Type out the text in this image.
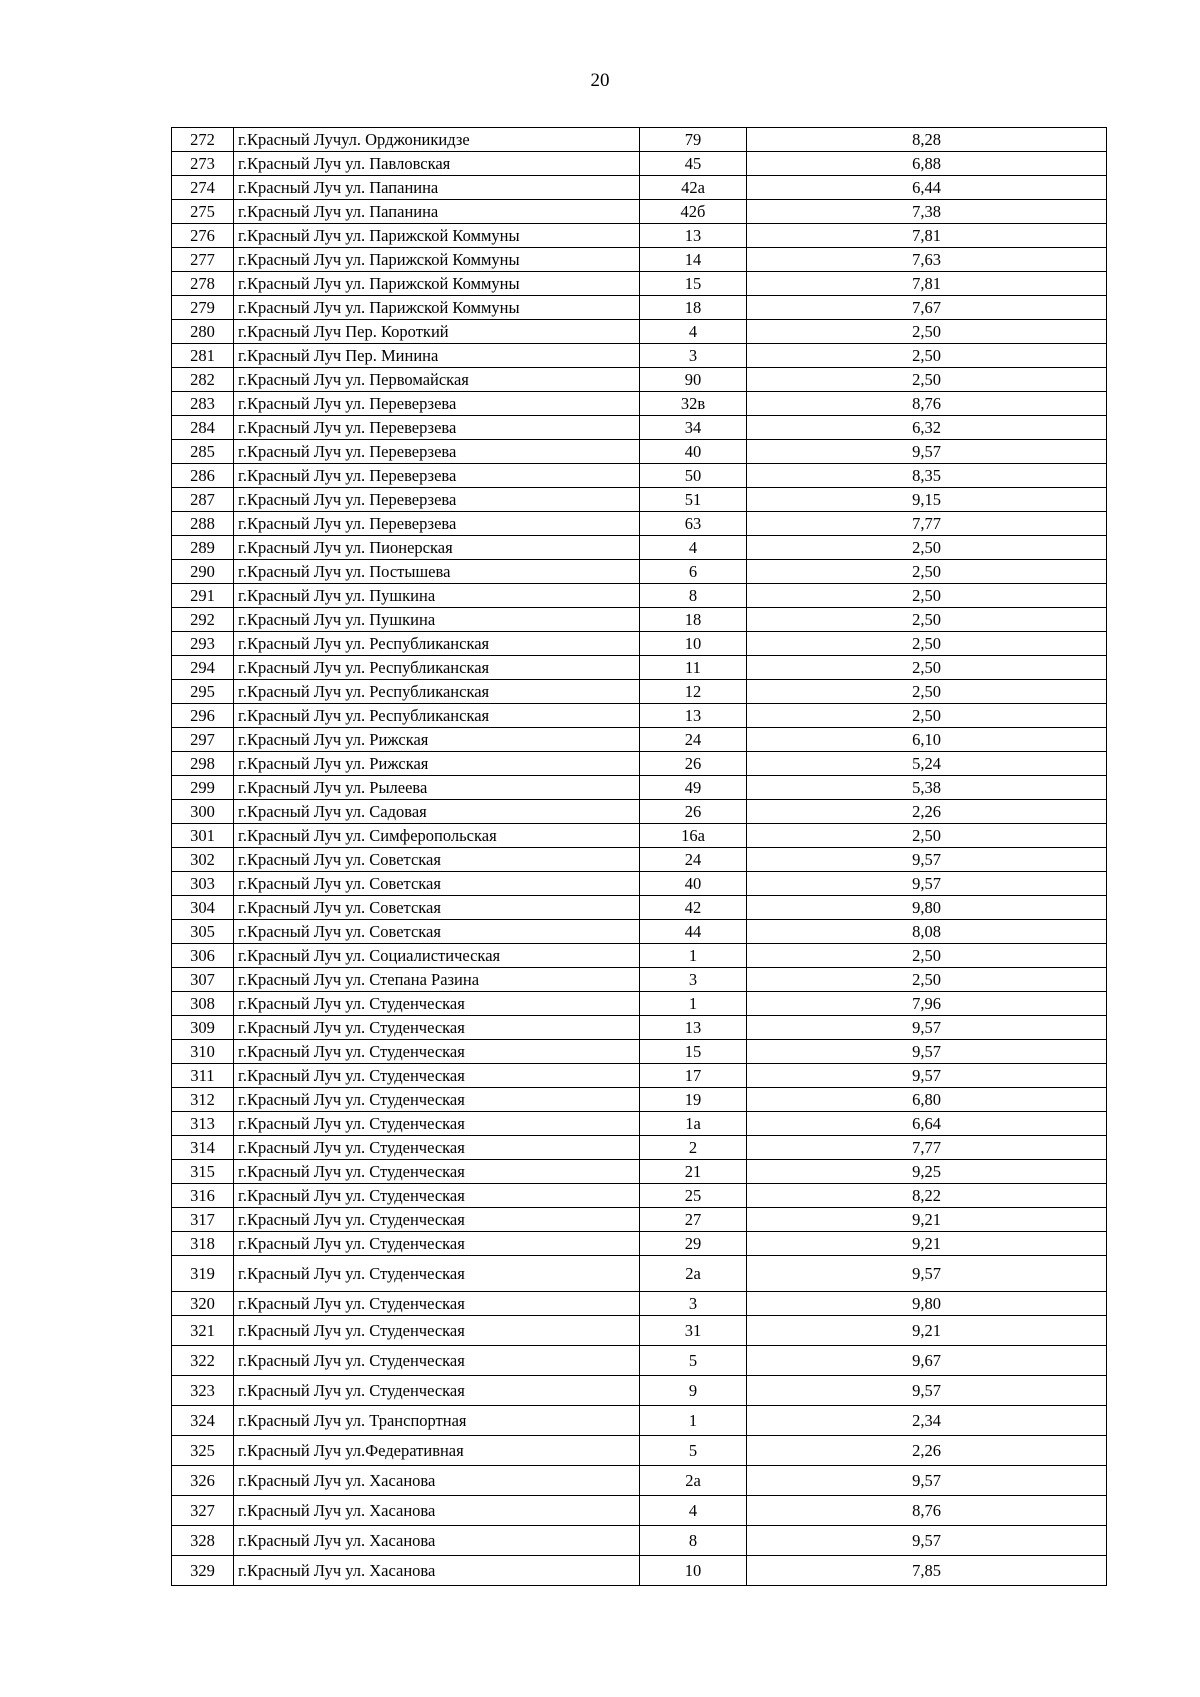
20
272	г.Красный Лучул. Орджоникидзе	79	8,28
273	г.Красный Луч ул. Павловская	45	6,88
274	г.Красный Луч ул. Папанина	42а	6,44
275	г.Красный Луч ул. Папанина	42б	7,38
276	г.Красный Луч ул. Парижской Коммуны	13	7,81
277	г.Красный Луч ул. Парижской Коммуны	14	7,63
278	г.Красный Луч ул. Парижской Коммуны	15	7,81
279	г.Красный Луч ул. Парижской Коммуны	18	7,67
280	г.Красный Луч Пер. Короткий	4	2,50
281	г.Красный Луч Пер. Минина	3	2,50
282	г.Красный Луч ул. Первомайская	90	2,50
283	г.Красный Луч ул. Переверзева	32в	8,76
284	г.Красный Луч ул. Переверзева	34	6,32
285	г.Красный Луч ул. Переверзева	40	9,57
286	г.Красный Луч ул. Переверзева	50	8,35
287	г.Красный Луч ул. Переверзева	51	9,15
288	г.Красный Луч ул. Переверзева	63	7,77
289	г.Красный Луч ул. Пионерская	4	2,50
290	г.Красный Луч ул. Постышева	6	2,50
291	г.Красный Луч ул. Пушкина	8	2,50
292	г.Красный Луч ул. Пушкина	18	2,50
293	г.Красный Луч ул. Республиканская	10	2,50
294	г.Красный Луч ул. Республиканская	11	2,50
295	г.Красный Луч ул. Республиканская	12	2,50
296	г.Красный Луч ул. Республиканская	13	2,50
297	г.Красный Луч ул. Рижская	24	6,10
298	г.Красный Луч ул. Рижская	26	5,24
299	г.Красный Луч ул. Рылеева	49	5,38
300	г.Красный Луч ул. Садовая	26	2,26
301	г.Красный Луч ул. Симферопольская	16а	2,50
302	г.Красный Луч ул. Советская	24	9,57
303	г.Красный Луч ул. Советская	40	9,57
304	г.Красный Луч ул. Советская	42	9,80
305	г.Красный Луч ул. Советская	44	8,08
306	г.Красный Луч ул. Социалистическая	1	2,50
307	г.Красный Луч ул. Степана Разина	3	2,50
308	г.Красный Луч ул. Студенческая	1	7,96
309	г.Красный Луч ул. Студенческая	13	9,57
310	г.Красный Луч ул. Студенческая	15	9,57
311	г.Красный Луч ул. Студенческая	17	9,57
312	г.Красный Луч ул. Студенческая	19	6,80
313	г.Красный Луч ул. Студенческая	1а	6,64
314	г.Красный Луч ул. Студенческая	2	7,77
315	г.Красный Луч ул. Студенческая	21	9,25
316	г.Красный Луч ул. Студенческая	25	8,22
317	г.Красный Луч ул. Студенческая	27	9,21
318	г.Красный Луч ул. Студенческая	29	9,21
319	г.Красный Луч ул. Студенческая	2а	9,57
320	г.Красный Луч ул. Студенческая	3	9,80
321	г.Красный Луч ул. Студенческая	31	9,21
322	г.Красный Луч ул. Студенческая	5	9,67
323	г.Красный Луч ул. Студенческая	9	9,57
324	г.Красный Луч ул. Транспортная	1	2,34
325	г.Красный Луч ул.Федеративная	5	2,26
326	г.Красный Луч ул. Хасанова	2а	9,57
327	г.Красный Луч ул. Хасанова	4	8,76
328	г.Красный Луч ул. Хасанова	8	9,57
329	г.Красный Луч ул. Хасанова	10	7,85
